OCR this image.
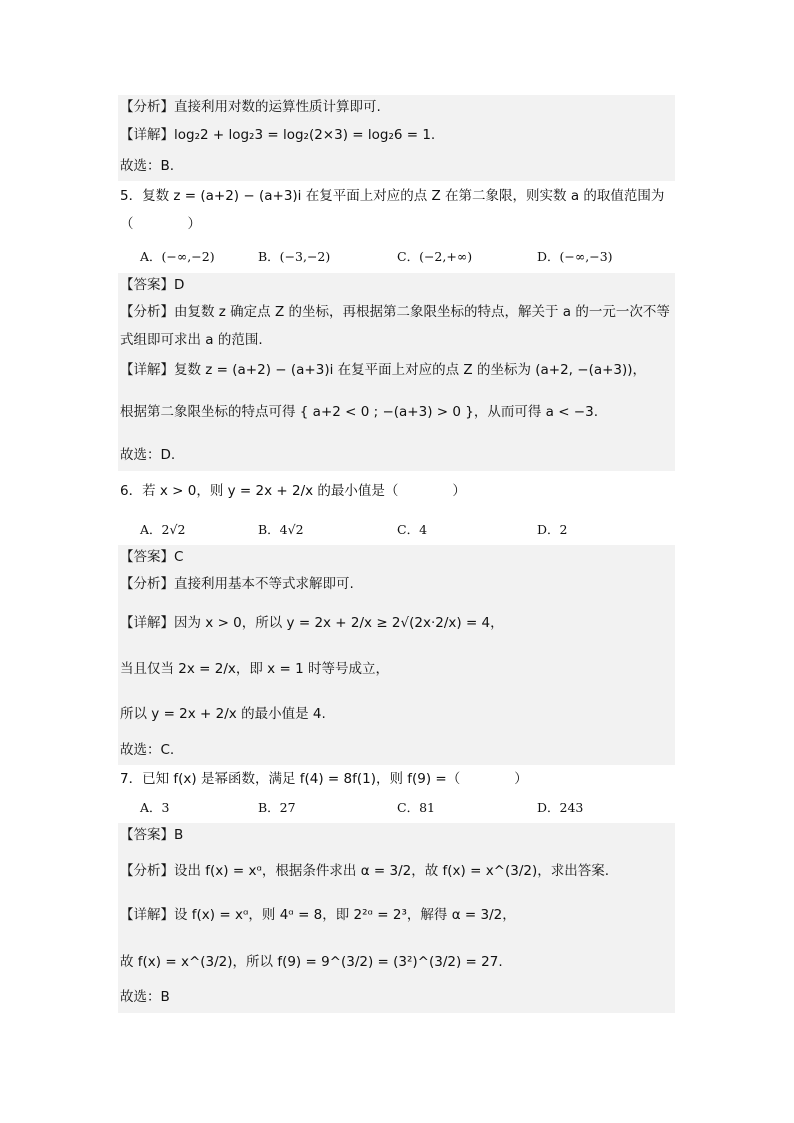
【分析】直接利用对数的运算性质计算即可.
【详解】log₂2 + log₂3 = log₂(2×3) = log₂6 = 1.
故选：B.
5．复数 z = (a+2) − (a+3)i 在复平面上对应的点 Z 在第二象限，则实数 a 的取值范围为
（　　　　）
A．(−∞,−2)	B．(−3,−2)	C．(−2,+∞)	D．(−∞,−3)
【答案】D
【分析】由复数 z 确定点 Z 的坐标，再根据第二象限坐标的特点，解关于 a 的一元一次不等
式组即可求出 a 的范围.
【详解】复数 z = (a+2) − (a+3)i 在复平面上对应的点 Z 的坐标为 (a+2, −(a+3))，
根据第二象限坐标的特点可得 { a+2 < 0 ; −(a+3) > 0 }，从而可得 a < −3.
故选：D.
6．若 x > 0，则 y = 2x + 2/x 的最小值是（　　　　）
A．2√2	B．4√2	C．4	D．2
【答案】C
【分析】直接利用基本不等式求解即可.
【详解】因为 x > 0，所以 y = 2x + 2/x ≥ 2√(2x·2/x) = 4，
当且仅当 2x = 2/x，即 x = 1 时等号成立，
所以 y = 2x + 2/x 的最小值是 4.
故选：C.
7．已知 f(x) 是幂函数，满足 f(4) = 8f(1)，则 f(9) =（　　　　）
A．3	B．27	C．81	D．243
【答案】B
【分析】设出 f(x) = xᵅ，根据条件求出 α = 3/2，故 f(x) = x^(3/2)，求出答案.
【详解】设 f(x) = xᵅ，则 4ᵅ = 8，即 2²ᵅ = 2³，解得 α = 3/2，
故 f(x) = x^(3/2)，所以 f(9) = 9^(3/2) = (3²)^(3/2) = 27.
故选：B
